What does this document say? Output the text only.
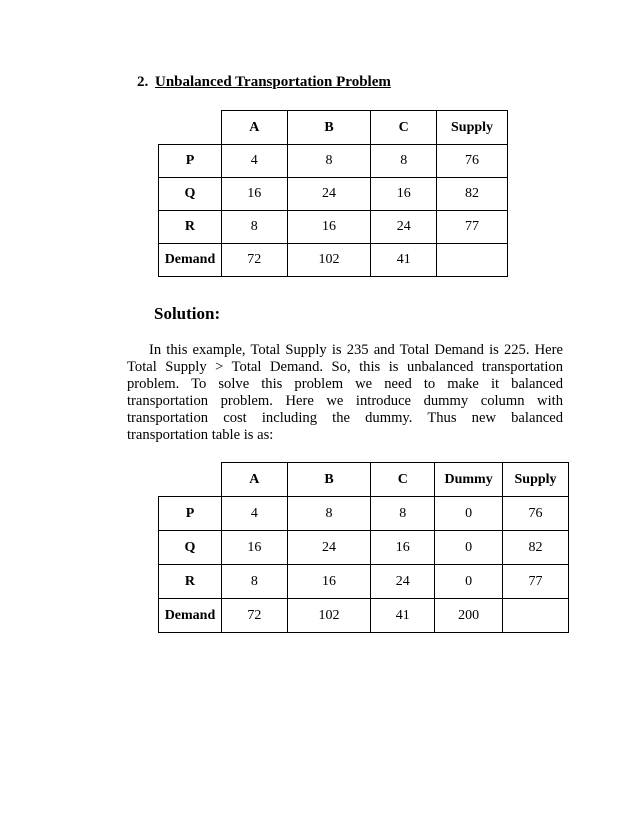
2. Unbalanced Transportation Problem
	A	B	C	Supply
P	4	8	8	76
Q	16	24	16	82
R	8	16	24	77
Demand	72	102	41	
Solution:
In this example, Total Supply is 235 and Total Demand is 225. Here Total Supply > Total Demand. So, this is unbalanced transportation problem. To solve this problem we need to make it balanced transportation problem. Here we introduce dummy column with transportation cost including the dummy. Thus new balanced transportation table is as:
	A	B	C	Dummy	Supply
P	4	8	8	0	76
Q	16	24	16	0	82
R	8	16	24	0	77
Demand	72	102	41	200	
